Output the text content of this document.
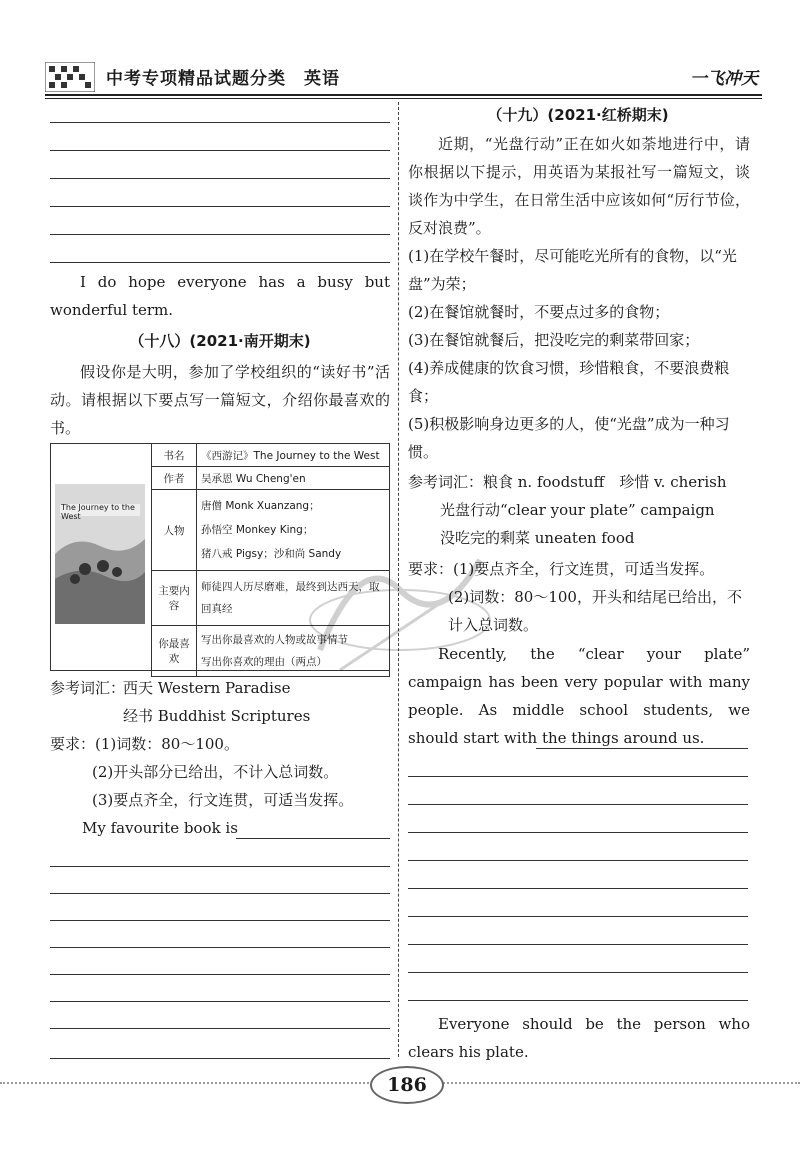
中考专项精品试题分类　英语	一飞冲天
I do hope everyone has a busy but wonderful term.
（十八）(2021·南开期末)
假设你是大明，参加了学校组织的“读好书”活动。请根据以下要点写一篇短文，介绍你最喜欢的书。
The Journey to the West
书名	《西游记》The Journey to the West
作者	吴承恩 Wu Cheng'en
人物	唐僧 Monk Xuanzang；
孙悟空 Monkey King；
猪八戒 Pigsy；沙和尚 Sandy

主要内容	师徒四人历尽磨难，最终到达西天，取回真经
你最喜欢	写出你最喜欢的人物或故事情节
写出你喜欢的理由（两点）
参考词汇：
西天 Western Paradise
经书 Buddhist Scriptures
要求： (1)词数：80～100。
(2)开头部分已给出，不计入总词数。
(3)要点齐全，行文连贯，可适当发挥。
My favourite book is
（十九）(2021·红桥期末)
近期，“光盘行动”正在如火如荼地进行中，请你根据以下提示，用英语为某报社写一篇短文，谈谈作为中学生，在日常生活中应该如何“厉行节俭，反对浪费”。
(1)在学校午餐时，尽可能吃光所有的食物，以“光盘”为荣；
(2)在餐馆就餐时，不要点过多的食物；
(3)在餐馆就餐后，把没吃完的剩菜带回家；
(4)养成健康的饮食习惯，珍惜粮食，不要浪费粮食；
(5)积极影响身边更多的人，使“光盘”成为一种习惯。
参考词汇：粮食 n. foodstuff　珍惜 v. cherish
光盘行动“clear your plate” campaign
没吃完的剩菜 uneaten food
要求：(1)要点齐全，行文连贯，可适当发挥。
(2)词数：80～100，开头和结尾已给出，不计入总词数。
Recently, the “clear your plate” campaign has been very popular with many people. As middle school students, we should start with the things around us.
Everyone should be the person who clears his plate.
186
